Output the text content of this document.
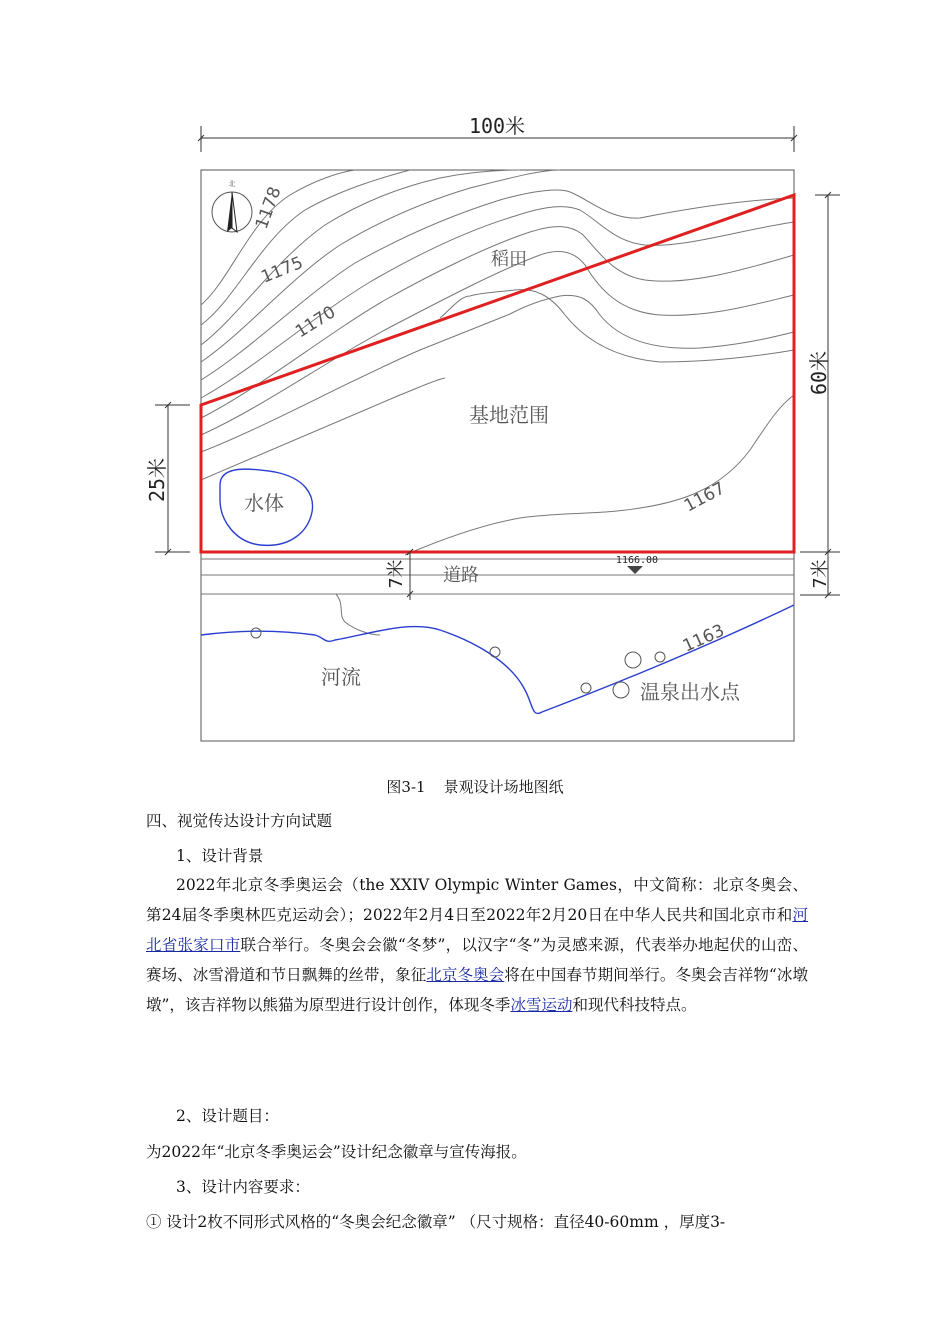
100米
1178
1175
1170
1167
1163
北
1166.00
60米
7米
25米
7米
稻田
基地范围
水体
道路
河流
温泉出水点
图3-1 景观设计场地图纸
四、视觉传达设计方向试题
1、设计背景
2022年北京冬季奥运会（the XXIV Olympic Winter Games，中文简称：北京冬奥会、第24届冬季奥林匹克运动会）；2022年2月4日至2022年2月20日在中华人民共和国北京市和河北省张家口市联合举行。冬奥会会徽“冬梦”，以汉字“冬”为灵感来源，代表举办地起伏的山峦、赛场、冰雪滑道和节日飘舞的丝带，象征北京冬奥会将在中国春节期间举行。冬奥会吉祥物“冰墩墩”，该吉祥物以熊猫为原型进行设计创作，体现冬季冰雪运动和现代科技特点。
2、设计题目：
为2022年“北京冬季奥运会”设计纪念徽章与宣传海报。
3、设计内容要求：
① 设计2枚不同形式风格的“冬奥会纪念徽章” （尺寸规格：直径40-60mm ，厚度3-
